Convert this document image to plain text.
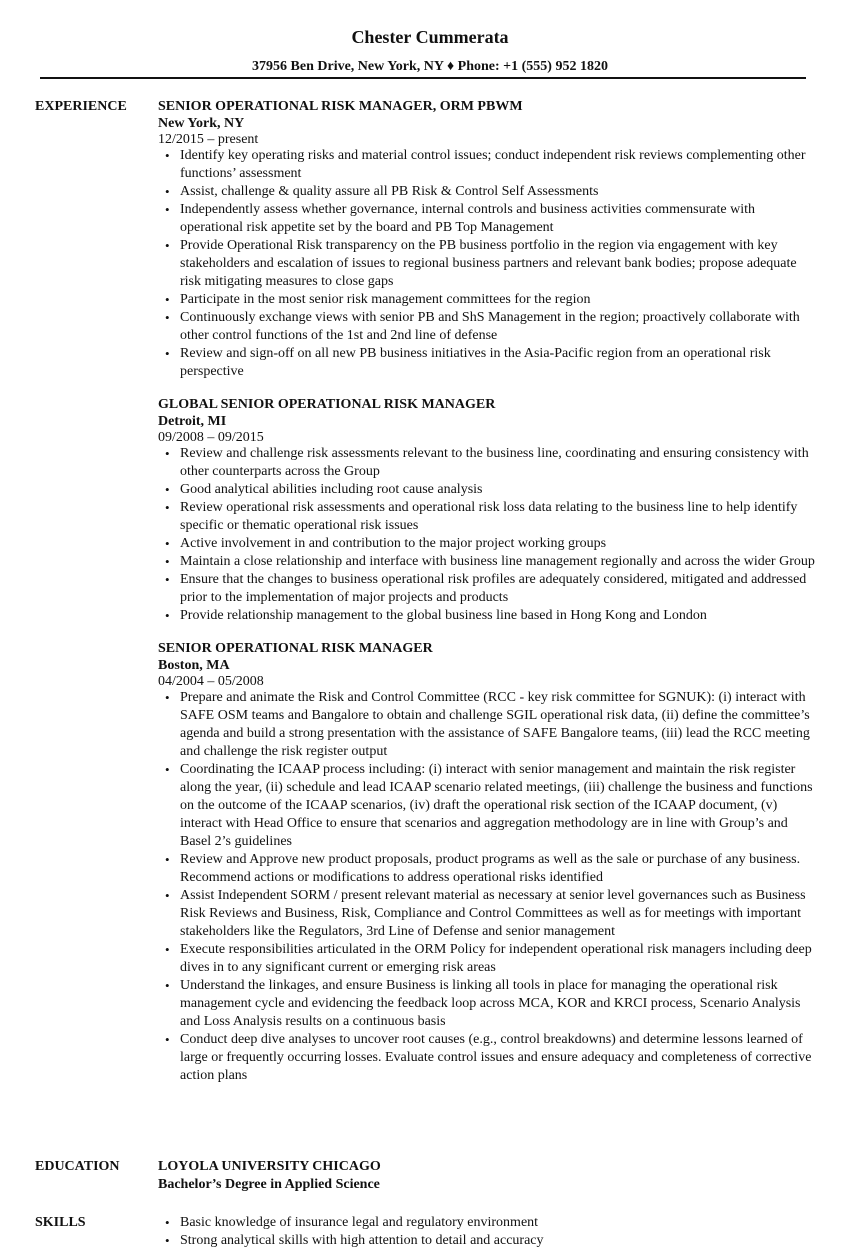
Chester Cummerata
37956 Ben Drive, New York, NY ♦ Phone: +1 (555) 952 1820
EXPERIENCE SENIOR OPERATIONAL RISK MANAGER, ORM PBWM
New York, NY
12/2015 – present
• Identify key operating risks and material control issues; conduct independent risk reviews complementing other functions’ assessment
• Assist, challenge & quality assure all PB Risk & Control Self Assessments
• Independently assess whether governance, internal controls and business activities commensurate with operational risk appetite set by the board and PB Top Management
• Provide Operational Risk transparency on the PB business portfolio in the region via engagement with key stakeholders and escalation of issues to regional business partners and relevant bank bodies; propose adequate risk mitigating measures to close gaps
• Participate in the most senior risk management committees for the region
• Continuously exchange views with senior PB and ShS Management in the region; proactively collaborate with other control functions of the 1st and 2nd line of defense
• Review and sign-off on all new PB business initiatives in the Asia-Pacific region from an operational risk perspective
GLOBAL SENIOR OPERATIONAL RISK MANAGER
Detroit, MI
09/2008 – 09/2015
• Review and challenge risk assessments relevant to the business line, coordinating and ensuring consistency with other counterparts across the Group
• Good analytical abilities including root cause analysis
• Review operational risk assessments and operational risk loss data relating to the business line to help identify specific or thematic operational risk issues
• Active involvement in and contribution to the major project working groups
• Maintain a close relationship and interface with business line management regionally and across the wider Group
• Ensure that the changes to business operational risk profiles are adequately considered, mitigated and addressed prior to the implementation of major projects and products
• Provide relationship management to the global business line based in Hong Kong and London
SENIOR OPERATIONAL RISK MANAGER
Boston, MA
04/2004 – 05/2008
• Prepare and animate the Risk and Control Committee (RCC - key risk committee for SGNUK): (i) interact with SAFE OSM teams and Bangalore to obtain and challenge SGIL operational risk data, (ii) define the committee’s agenda and build a strong presentation with the assistance of SAFE Bangalore teams, (iii) lead the RCC meeting and challenge the risk register output
• Coordinating the ICAAP process including: (i) interact with senior management and maintain the risk register along the year, (ii) schedule and lead ICAAP scenario related meetings, (iii) challenge the business and functions on the outcome of the ICAAP scenarios, (iv) draft the operational risk section of the ICAAP document, (v) interact with Head Office to ensure that scenarios and aggregation methodology are in line with Group’s and Basel 2’s guidelines
• Review and Approve new product proposals, product programs as well as the sale or purchase of any business. Recommend actions or modifications to address operational risks identified
• Assist Independent SORM / present relevant material as necessary at senior level governances such as Business Risk Reviews and Business, Risk, Compliance and Control Committees as well as for meetings with important stakeholders like the Regulators, 3rd Line of Defense and senior management
• Execute responsibilities articulated in the ORM Policy for independent operational risk managers including deep dives in to any significant current or emerging risk areas
• Understand the linkages, and ensure Business is linking all tools in place for managing the operational risk management cycle and evidencing the feedback loop across MCA, KOR and KRCI process, Scenario Analysis and Loss Analysis results on a continuous basis
• Conduct deep dive analyses to uncover root causes (e.g., control breakdowns) and determine lessons learned of large or frequently occurring losses. Evaluate control issues and ensure adequacy and completeness of corrective action plans
EDUCATION	LOYOLA UNIVERSITY CHICAGO
Bachelor’s Degree in Applied Science
SKILLS
•	Basic knowledge of insurance legal and regulatory environment
• Strong analytical skills with high attention to detail and accuracy
